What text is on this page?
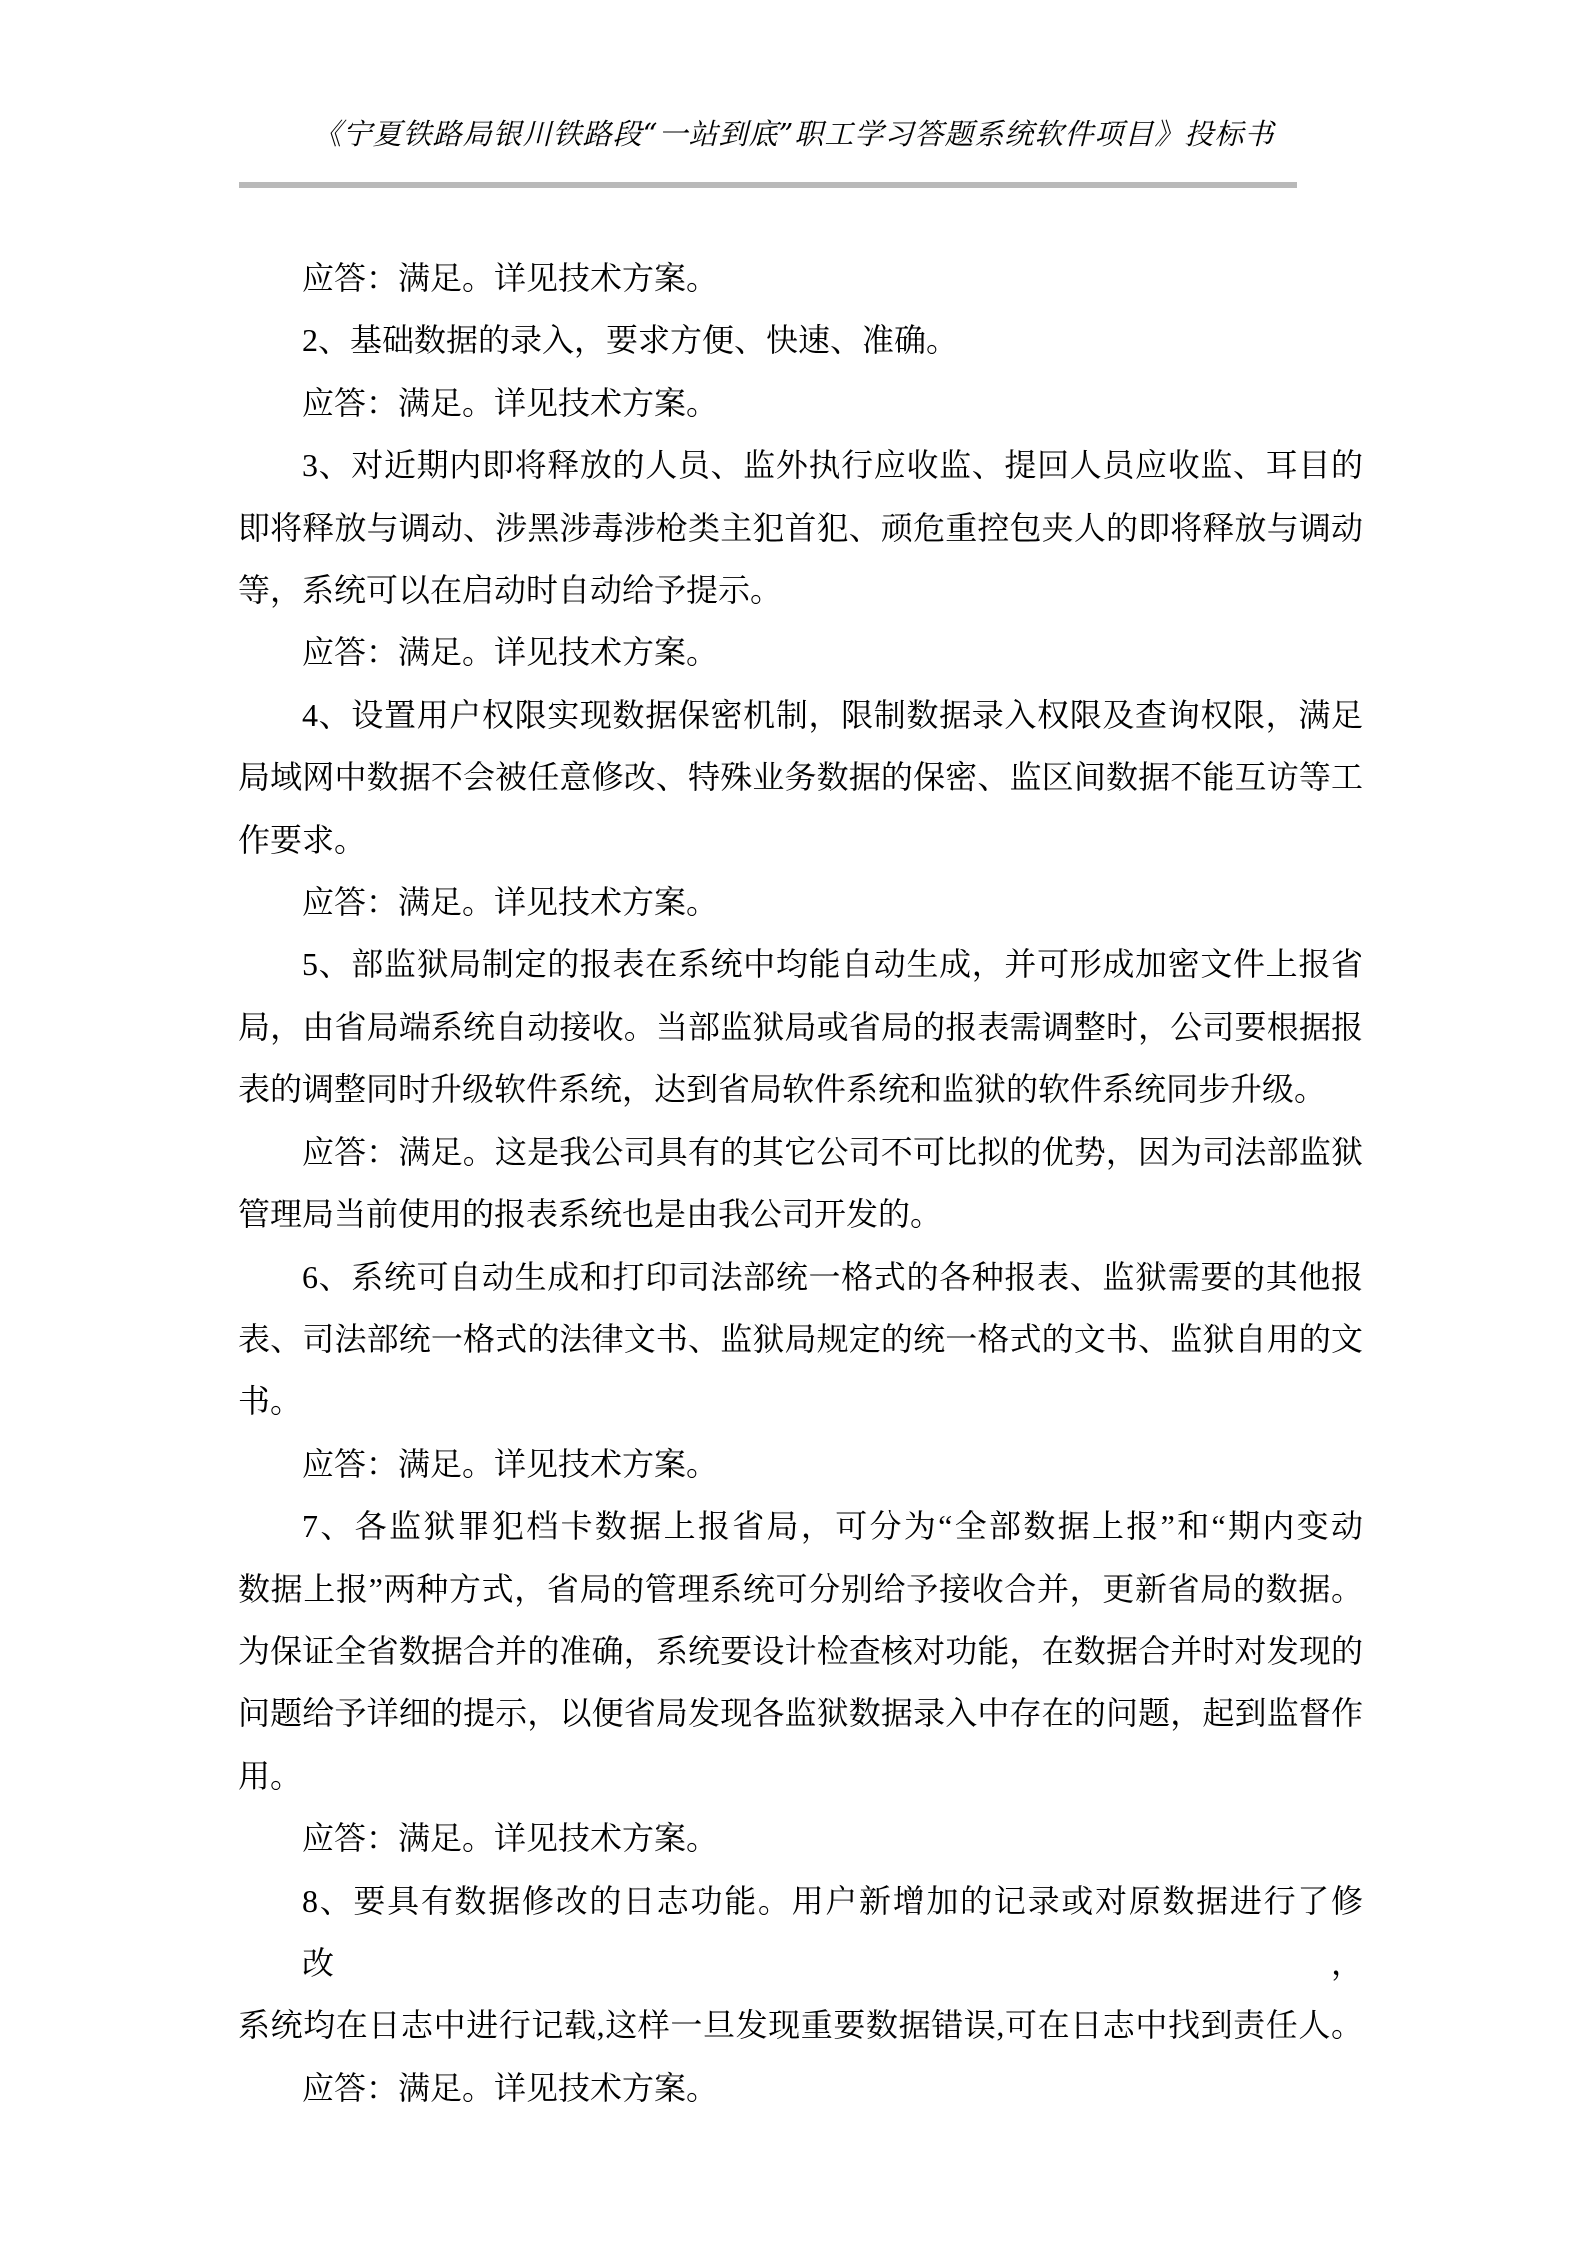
《宁夏铁路局银川铁路段“一站到底”职工学习答题系统软件项目》投标书
应答：满足。详见技术方案。
2、基础数据的录入，要求方便、快速、准确。
应答：满足。详见技术方案。
3、对近期内即将释放的人员、监外执行应收监、提回人员应收监、耳目的
即将释放与调动、涉黑涉毒涉枪类主犯首犯、顽危重控包夹人的即将释放与调动
等，系统可以在启动时自动给予提示。
应答：满足。详见技术方案。
4、设置用户权限实现数据保密机制，限制数据录入权限及查询权限，满足
局域网中数据不会被任意修改、特殊业务数据的保密、监区间数据不能互访等工
作要求。
应答：满足。详见技术方案。
5、部监狱局制定的报表在系统中均能自动生成，并可形成加密文件上报省
局，由省局端系统自动接收。当部监狱局或省局的报表需调整时，公司要根据报
表的调整同时升级软件系统，达到省局软件系统和监狱的软件系统同步升级。
应答：满足。这是我公司具有的其它公司不可比拟的优势，因为司法部监狱
管理局当前使用的报表系统也是由我公司开发的。
6、系统可自动生成和打印司法部统一格式的各种报表、监狱需要的其他报
表、司法部统一格式的法律文书、监狱局规定的统一格式的文书、监狱自用的文
书。
应答：满足。详见技术方案。
7、各监狱罪犯档卡数据上报省局，可分为“全部数据上报”和“期内变动
数据上报”两种方式，省局的管理系统可分别给予接收合并，更新省局的数据。
为保证全省数据合并的准确，系统要设计检查核对功能，在数据合并时对发现的
问题给予详细的提示，以便省局发现各监狱数据录入中存在的问题，起到监督作
用。
应答：满足。详见技术方案。
8、要具有数据修改的日志功能。用户新增加的记录或对原数据进行了修改，
系统均在日志中进行记载,这样一旦发现重要数据错误,可在日志中找到责任人。
应答：满足。详见技术方案。
